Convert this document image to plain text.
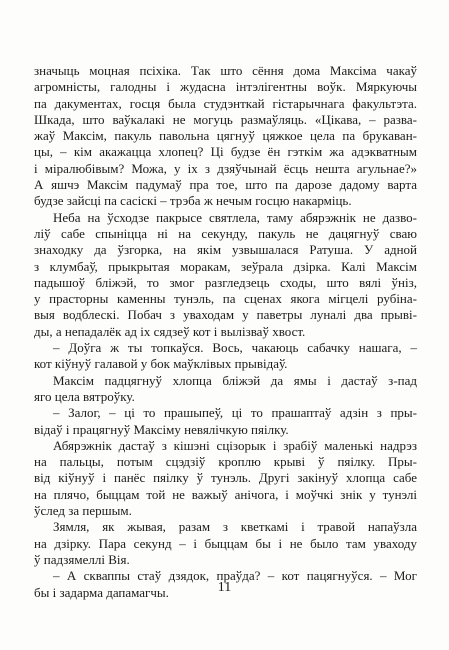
значыць моцная псіхіка. Так што сёння дома Максіма чакаў
агромністы, галодны і жудасна інтэлігентны воўк. Мяркуючы
па дакументах, госця была студэнткай гістарычнага факультэта.
Шкада, што ваўкалакі не могуць размаўляць. «Цікава, – разва-
жаў Максім, пакуль павольна цягнуў цяжкое цела па брукаван-
цы, – кім акажацца хлопец? Ці будзе ён гэткім жа адэкватным
і міралюбівым? Можа, у іх з дзяўчынай ёсць нешта агульнае?»
А яшчэ Максім падумаў пра тое, што па дарозе дадому варта
будзе зайсці па сасіскі – трэба ж нечым госцю накарміць.

Неба на ўсходзе пакрысе святлела, таму абярэжнік не дазво-
ліў сабе спыніцца ні на секунду, пакуль не дацягнуў сваю
знаходку да ўзгорка, на якім узвышалася Ратуша. У адной
з клумбаў, прыкрытая моракам, зеўрала дзірка. Калі Максім
падышоў бліжэй, то змог разгледзець сходы, што вялі ўніз,
у прасторны каменны тунэль, па сценах якога мігцелі рубіна-
выя водблескі. Побач з уваходам у паветры луналі два прыві-
ды, а непадалёк ад іх сядзеў кот і вылізваў хвост.

– Доўга ж ты топкаўся. Вось, чакаюць сабачку нашага, –
кот кіўнуў галавой у бок маўклівых прывідаў.

Максім падцягнуў хлопца бліжэй да ямы і дастаў з-пад
яго цела вятроўку.

– Залог, – ці то прашыпеў, ці то прашаптаў адзін з пры-
відаў і працягнуў Максіму невялічкую пяілку.

Абярэжнік дастаў з кішэні сцізорык і зрабіў маленькі надрэз
на пальцы, потым сцэдзіў кроплю крыві ў пяілку. Пры-
від кіўнуў і панёс пяілку ў тунэль. Другі закінуў хлопца сабе
на плячо, быццам той не важыў анічога, і моўчкі знік у тунэлі
ўслед за першым.

Зямля, як жывая, разам з кветкамі і травой напаўзла
на дзірку. Пара секунд – і быццам бы і не было там уваходу
ў падзямеллі Вія.

– А скваппы стаў дзядок, праўда? – кот пацягнуўся. – Мог
бы і задарма дапамагчы.	11
